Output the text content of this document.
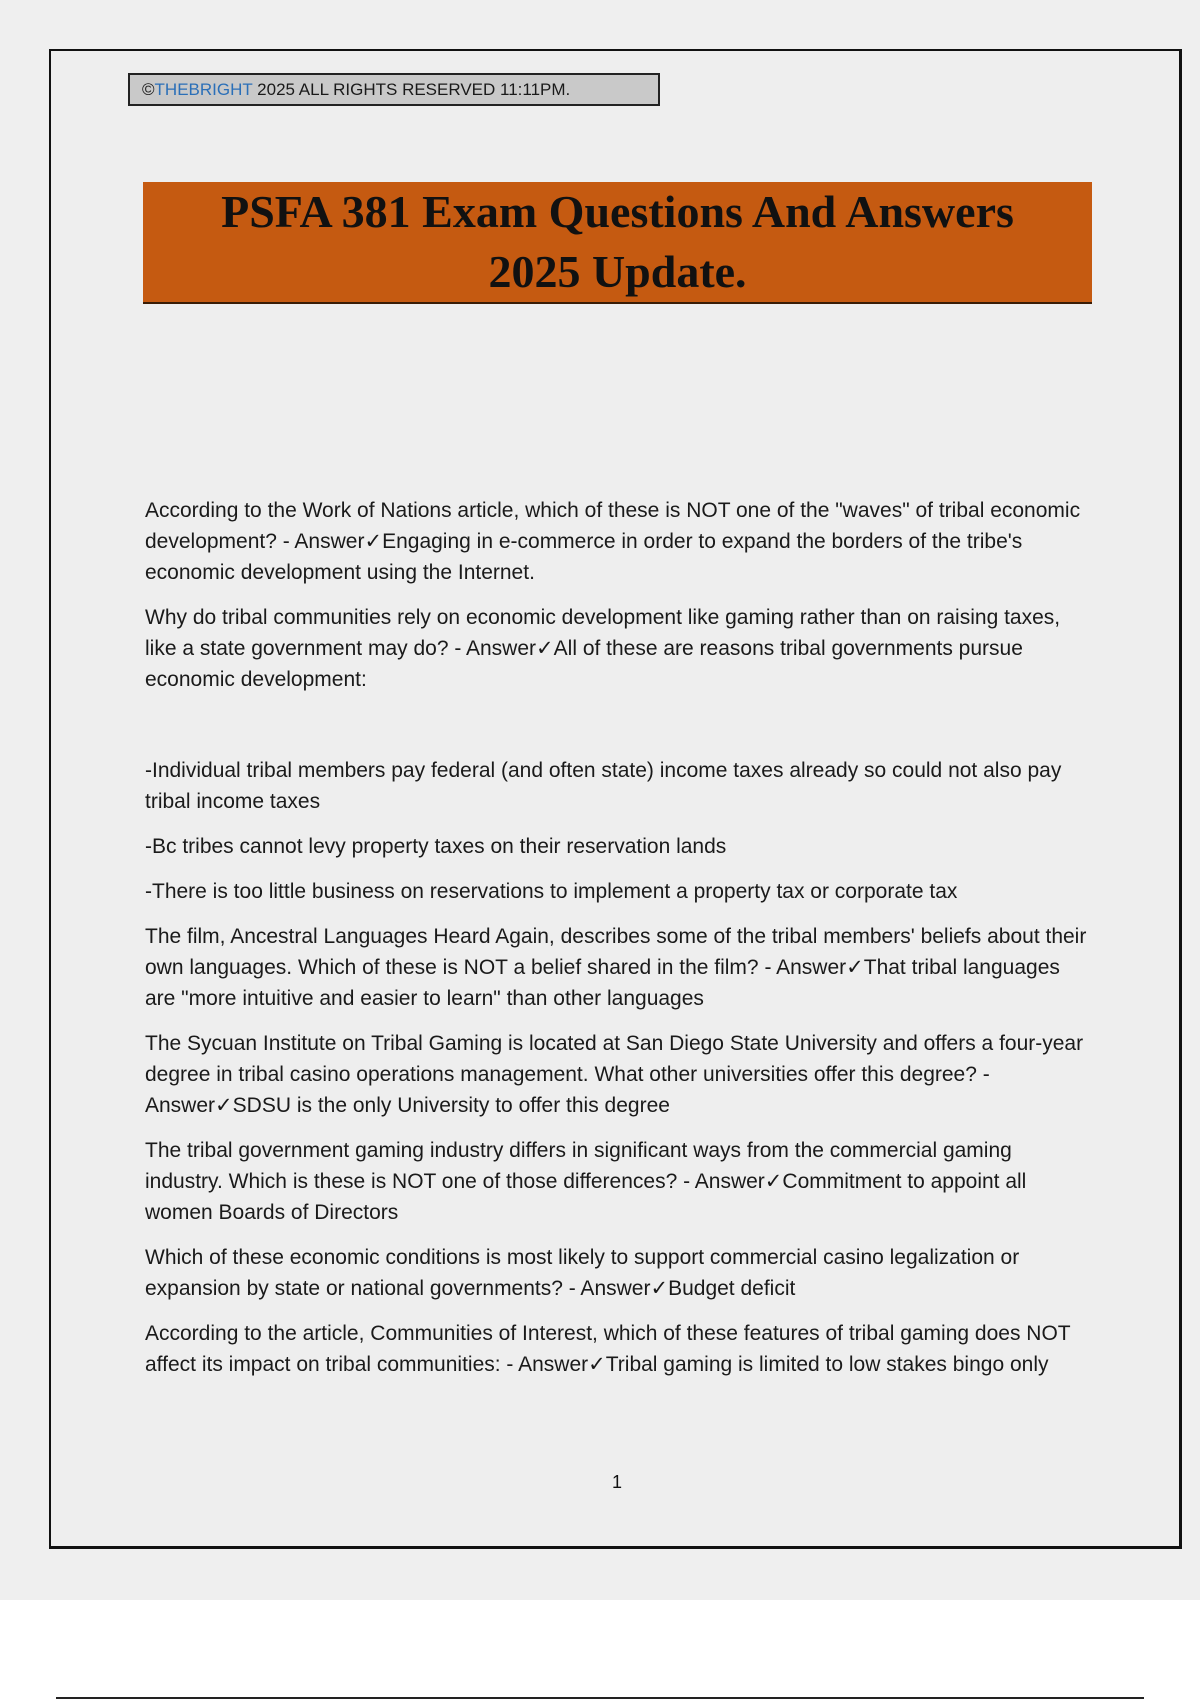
©THEBRIGHT 2025 ALL RIGHTS RESERVED 11:11PM.
PSFA 381 Exam Questions And Answers
2025 Update.

According to the Work of Nations article, which of these is NOT one of the "waves" of tribal economic development? - Answer✓Engaging in e-commerce in order to expand the borders of the tribe's economic development using the Internet.

Why do tribal communities rely on economic development like gaming rather than on raising taxes, like a state government may do? - Answer✓All of these are reasons tribal governments pursue economic development:

-Individual tribal members pay federal (and often state) income taxes already so could not also pay tribal income taxes

-Bc tribes cannot levy property taxes on their reservation lands

-There is too little business on reservations to implement a property tax or corporate tax

The film, Ancestral Languages Heard Again, describes some of the tribal members' beliefs about their own languages. Which of these is NOT a belief shared in the film? - Answer✓That tribal languages are "more intuitive and easier to learn" than other languages

The Sycuan Institute on Tribal Gaming is located at San Diego State University and offers a four-year degree in tribal casino operations management. What other universities offer this degree? - Answer✓SDSU is the only University to offer this degree

The tribal government gaming industry differs in significant ways from the commercial gaming industry. Which is these is NOT one of those differences? - Answer✓Commitment to appoint all women Boards of Directors

Which of these economic conditions is most likely to support commercial casino legalization or expansion by state or national governments? - Answer✓Budget deficit

According to the article, Communities of Interest, which of these features of tribal gaming does NOT affect its impact on tribal communities: - Answer✓Tribal gaming is limited to low stakes bingo only

1
